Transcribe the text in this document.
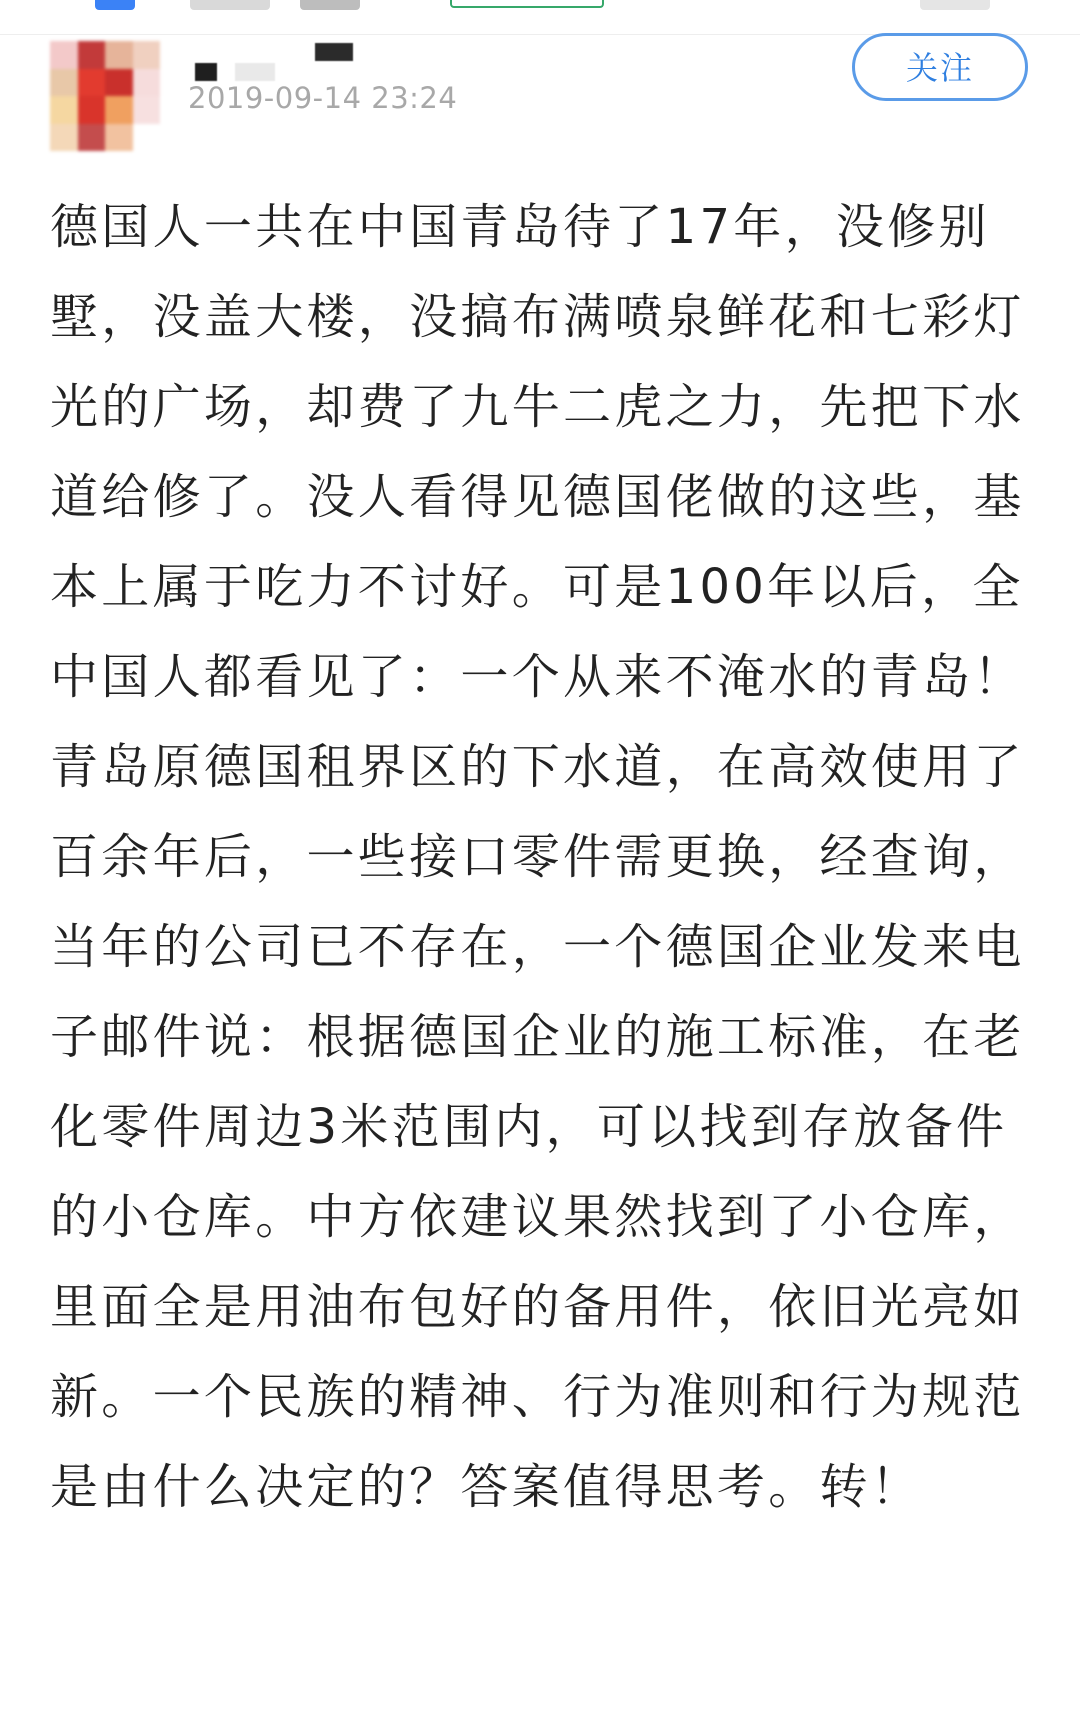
2019-09-14 23:24
关注

德国人一共在中国青岛待了17年，没修别墅，没盖大楼，没搞布满喷泉鲜花和七彩灯光的广场，却费了九牛二虎之力，先把下水道给修了。没人看得见德国佬做的这些，基本上属于吃力不讨好。可是100年以后，全中国人都看见了：一个从来不淹水的青岛！ 青岛原德国租界区的下水道，在高效使用了百余年后，一些接口零件需更换，经查询，当年的公司已不存在，一个德国企业发来电子邮件说：根据德国企业的施工标准，在老化零件周边3米范围内，可以找到存放备件的小仓库。中方依建议果然找到了小仓库，里面全是用油布包好的备用件，依旧光亮如新。一个民族的精神、行为准则和行为规范是由什么决定的？答案值得思考。转！
